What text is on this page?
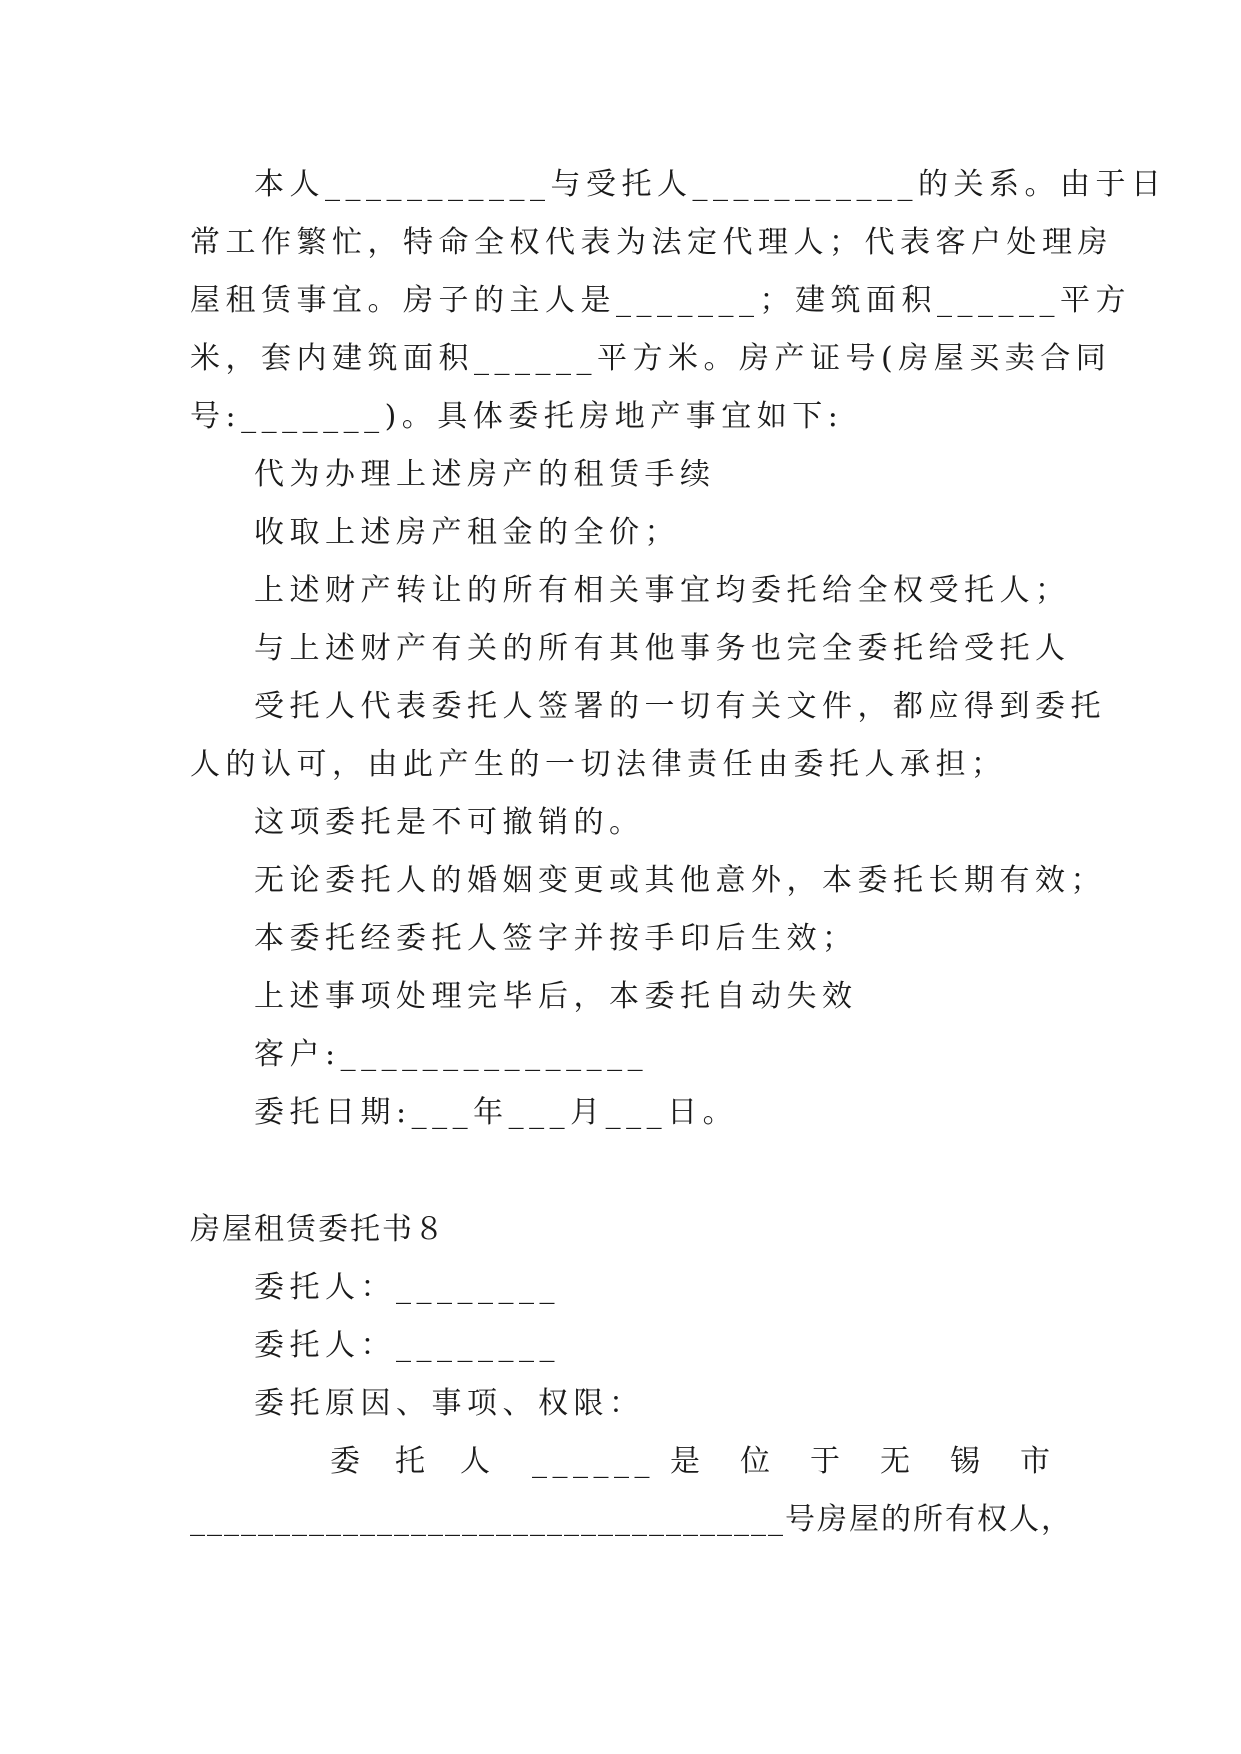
本人___________与受托人___________的关系。由于日
常工作繁忙，特命全权代表为法定代理人；代表客户处理房
屋租赁事宜。房子的主人是_______；建筑面积______平方
米，套内建筑面积______平方米。房产证号(房屋买卖合同
号:_______)。具体委托房地产事宜如下:
代为办理上述房产的租赁手续
收取上述房产租金的全价；
上述财产转让的所有相关事宜均委托给全权受托人；
与上述财产有关的所有其他事务也完全委托给受托人
受托人代表委托人签署的一切有关文件，都应得到委托
人的认可，由此产生的一切法律责任由委托人承担；
这项委托是不可撤销的。
无论委托人的婚姻变更或其他意外，本委托长期有效；
本委托经委托人签字并按手印后生效；
上述事项处理完毕后，本委托自动失效
客户:_______________
委托日期:___年___月___日。
房屋租赁委托书８
委托人：________
委托人：________
委托原因、事项、权限：
委 托 人 ______ 是 位 于 无 锡 市
___________________________________号房屋的所有权人，
